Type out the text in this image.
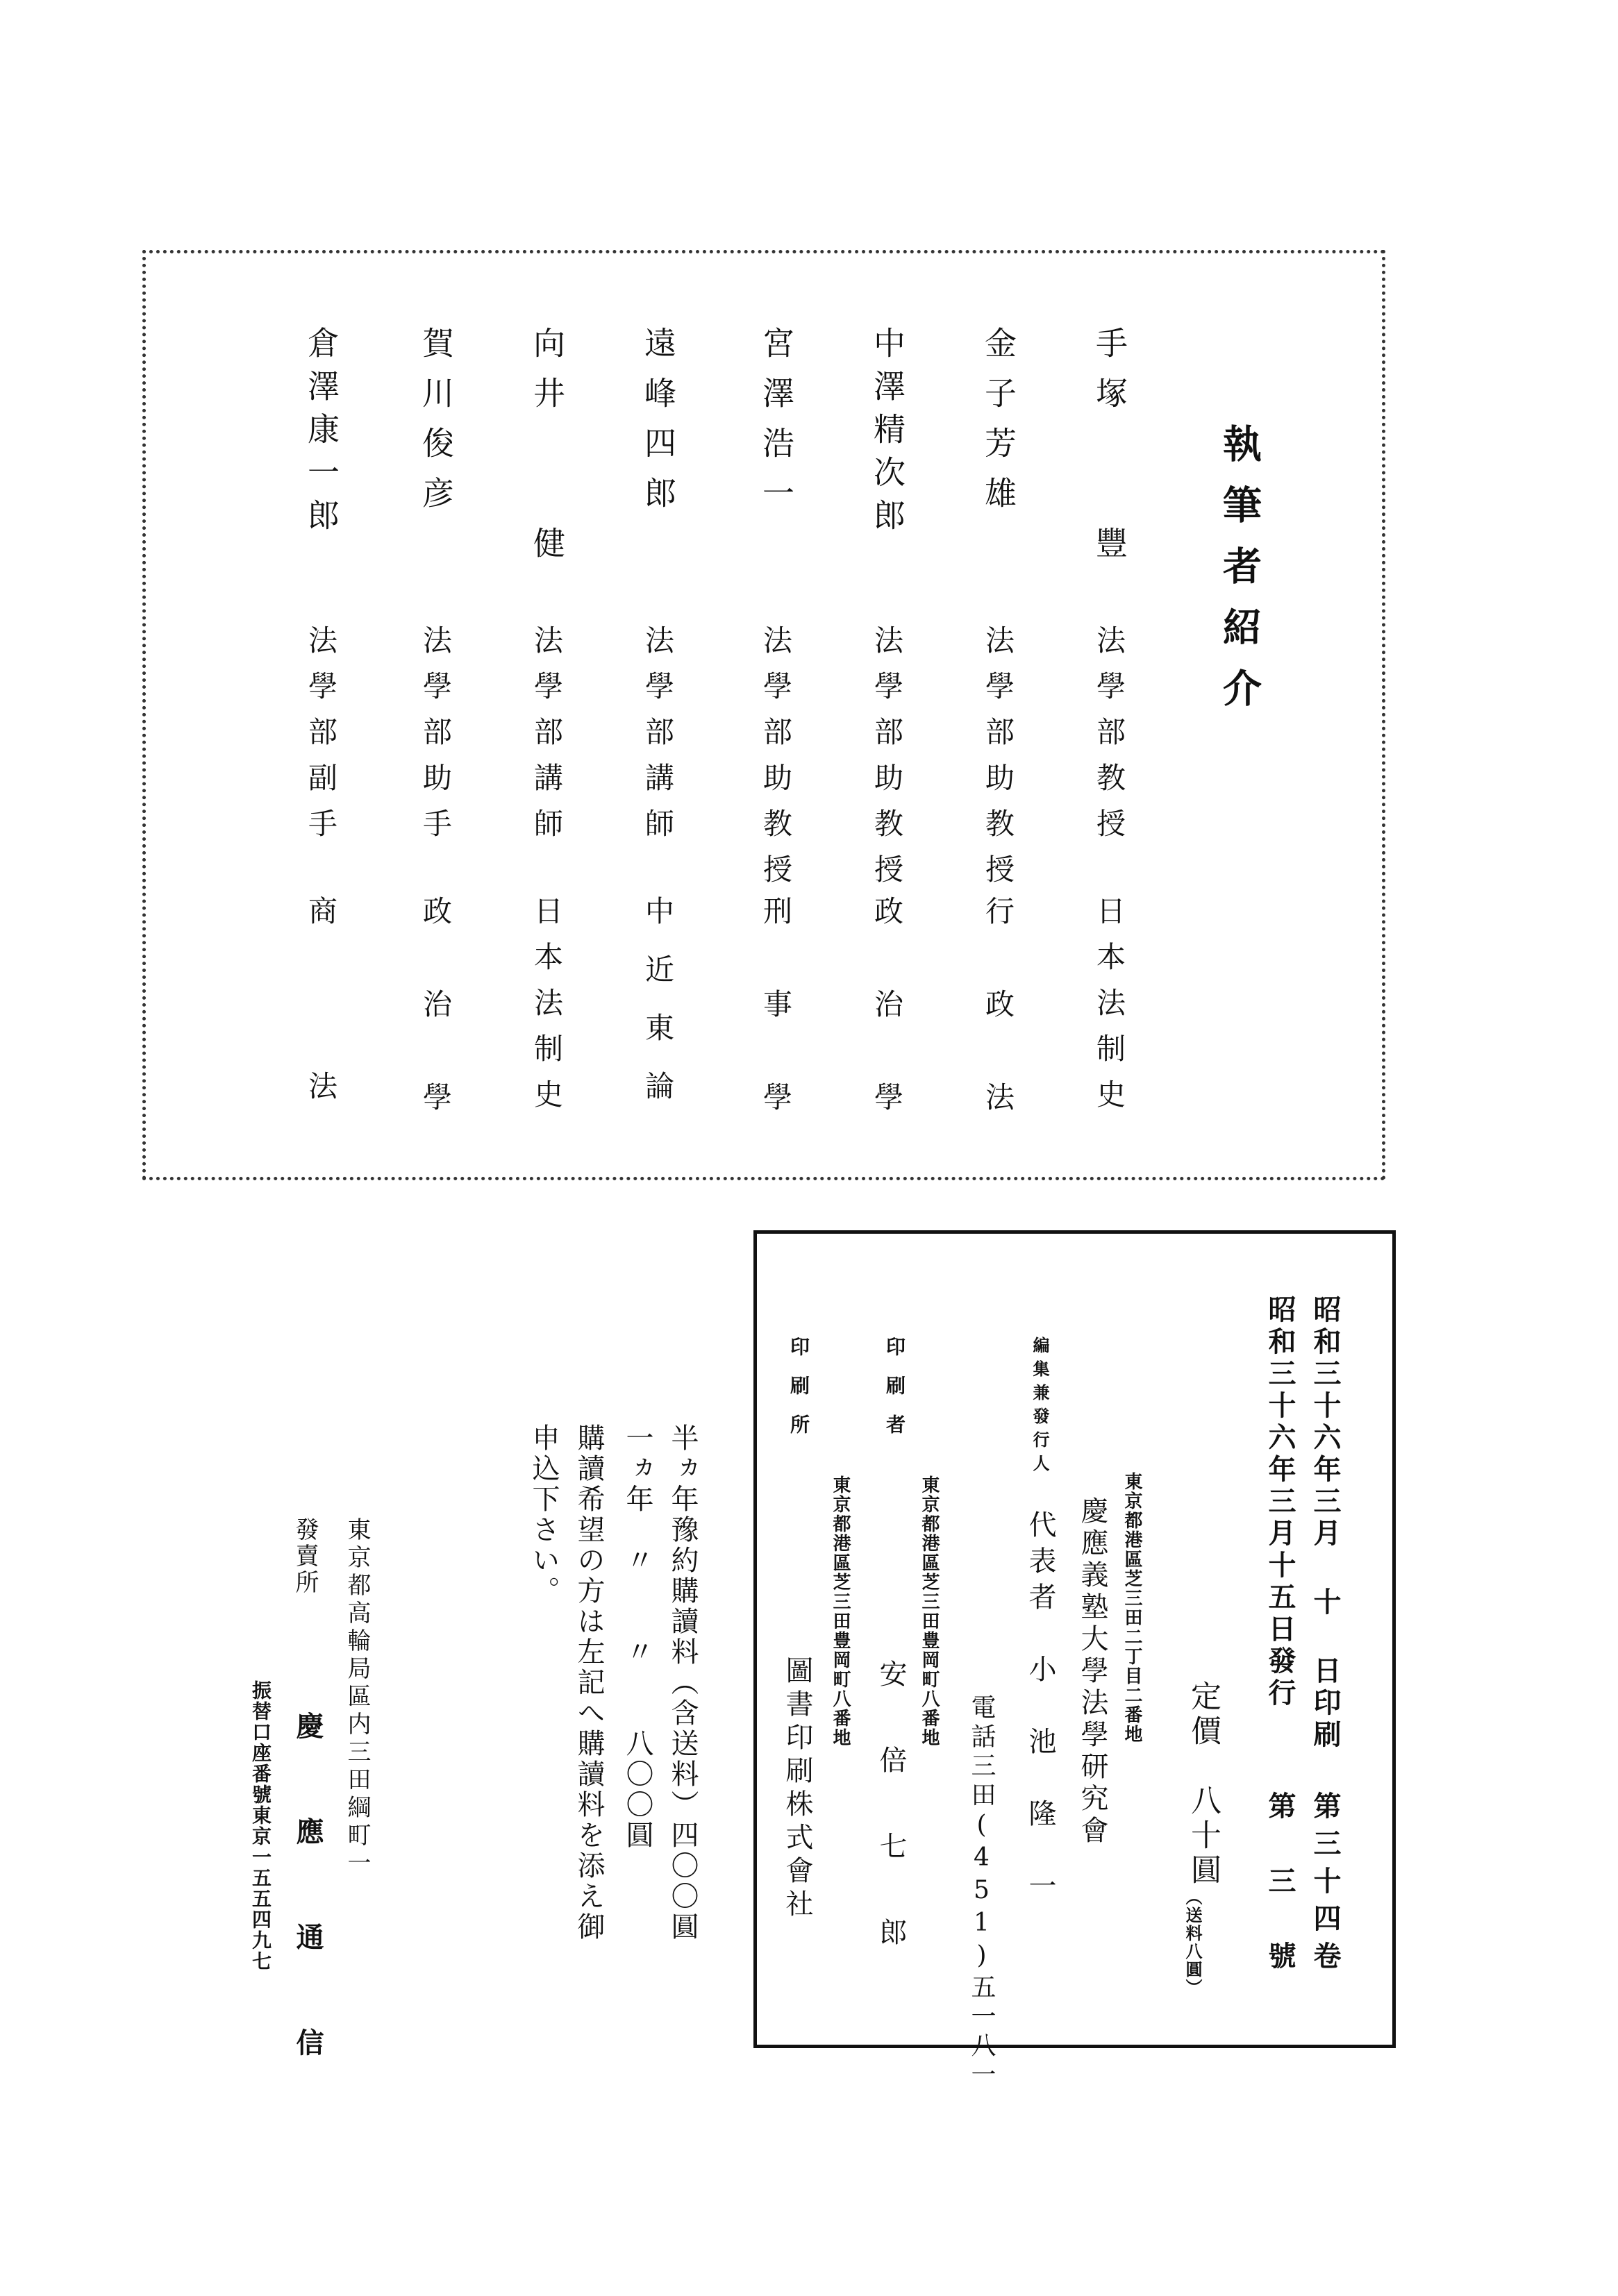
執筆者紹介
手塚　　豐
法學部教授
日本法制史
金子芳雄
法學部助教授
行政法
中澤精次郎
法學部助教授
政治學
宮澤浩一
法學部助教授
刑事學
遠峰四郎
法學部講師
中近東論
向井　　健
法學部講師
日本法制史
賀川俊彦
法學部助手
政治學
倉澤康一郎
法學部副手
商法
昭和三十六年三月 十 日印刷
第三十四卷
昭和三十六年三月十五日發行
第　三　號
定價　八十圓
（送料八圓）
東京都港區芝三田二丁目二番地
慶應義塾大學法學研究會
編集兼發行人
代表者　小　池　隆　一
電話三田(451)五一八一
印刷者
東京都港區芝三田豊岡町八番地
安　倍　七　郎
印刷所
東京都港區芝三田豊岡町八番地
圖書印刷株式會社
半ヵ年豫約購讀料（含送料）四〇〇圓
一ヵ年　〃　　〃　　八〇〇圓
購讀希望の方は左記へ購讀料を添え御
申込下さい。
東京都高輪局區内三田綱町一
發賣所
慶　應　通　信
振替口座番號東京一五五四九七
